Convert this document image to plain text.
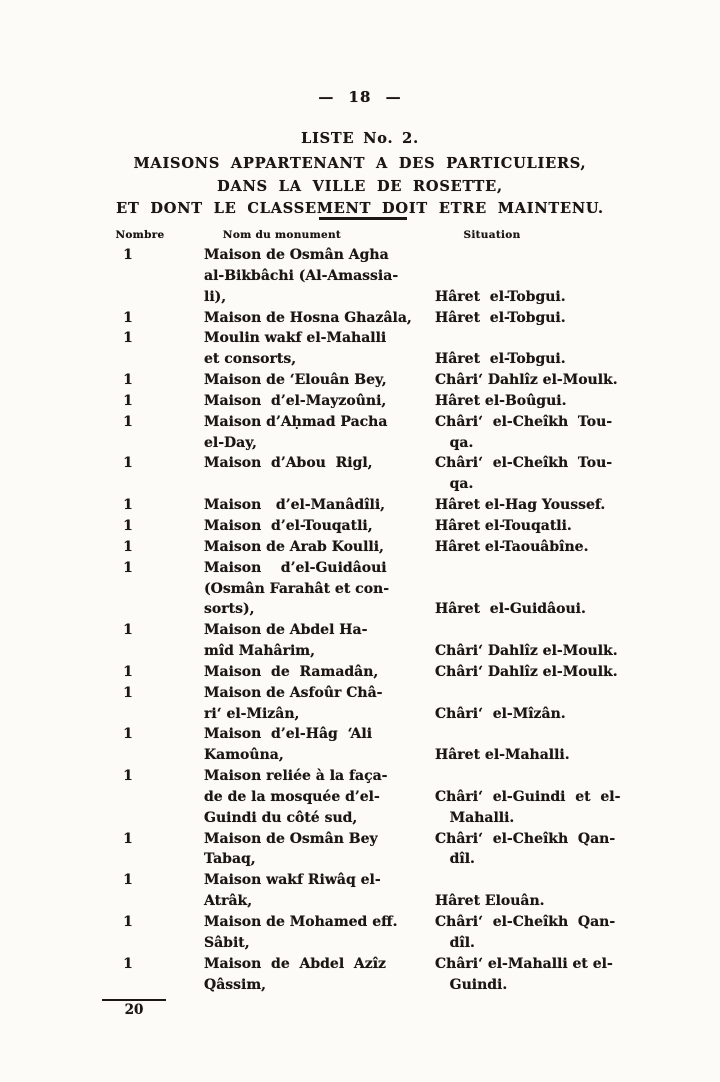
— 18 —
LISTE No. 2.
MAISONS APPARTENANT A DES PARTICULIERS,
DANS LA VILLE DE ROSETTE,
ET DONT LE CLASSEMENT DOIT ETRE MAINTENU.
Nombre	Nom du monument	Situation
1	Maison de Osmân Agha
al-Bikbâchi (Al-Amassia-
li),	Hâret  el-Tobgui.
1	Maison de Hosna Ghazâla, Hâret  el-Tobgui.
1	Moulin wakf el-Mahalli
et consorts,	Hâret  el-Tobgui.
1	Maison de ‘Elouân Bey,	Châri‘ Dahlîz el-Moulk.
1	Maison  d’el-Mayzoûni,	Hâret el-Boûgui.
1	Maison d’Aḥmad Pacha	Châri‘  el-Cheîkh  Tou-
el-Day,	qa.
1	Maison  d’Abou  Rigl,	Châri‘  el-Cheîkh  Tou-
qa.
1	Maison   d’el-Manâdîli,	Hâret el-Hag Youssef.
1	Maison  d’el-Touqatli,	Hâret el-Touqatli.
1	Maison de Arab Koulli,	Hâret el-Taouâbîne.
1	Maison    d’el-Guidâoui
(Osmân Farahât et con-
sorts),	Hâret  el-Guidâoui.
1	Maison de Abdel Ha-
mîd Mahârim,	Châri‘ Dahlîz el-Moulk.
1	Maison  de  Ramadân,	Châri‘ Dahlîz el-Moulk.
1	Maison de Asfoûr Châ-
ri‘ el-Mizân,	Châri‘  el-Mîzân.
1	Maison  d’el-Hâg  ‘Ali
Kamoûna,	Hâret el-Mahalli.
1	Maison reliée à la faça-
de de la mosquée d’el-	Châri‘  el-Guindi  et  el-
Guindi du côté sud,	Mahalli.
1	Maison de Osmân Bey	Châri‘  el-Cheîkh  Qan-
Tabaq,	dîl.
1	Maison wakf Riwâq el-
Atrâk,	Hâret Elouân.
1	Maison de Mohamed eff.	Châri‘  el-Cheîkh  Qan-
Sâbit,	dîl.
1	Maison  de  Abdel  Azîz	Châri‘ el-Mahalli et el-
Qâssim,	Guindi.
20
